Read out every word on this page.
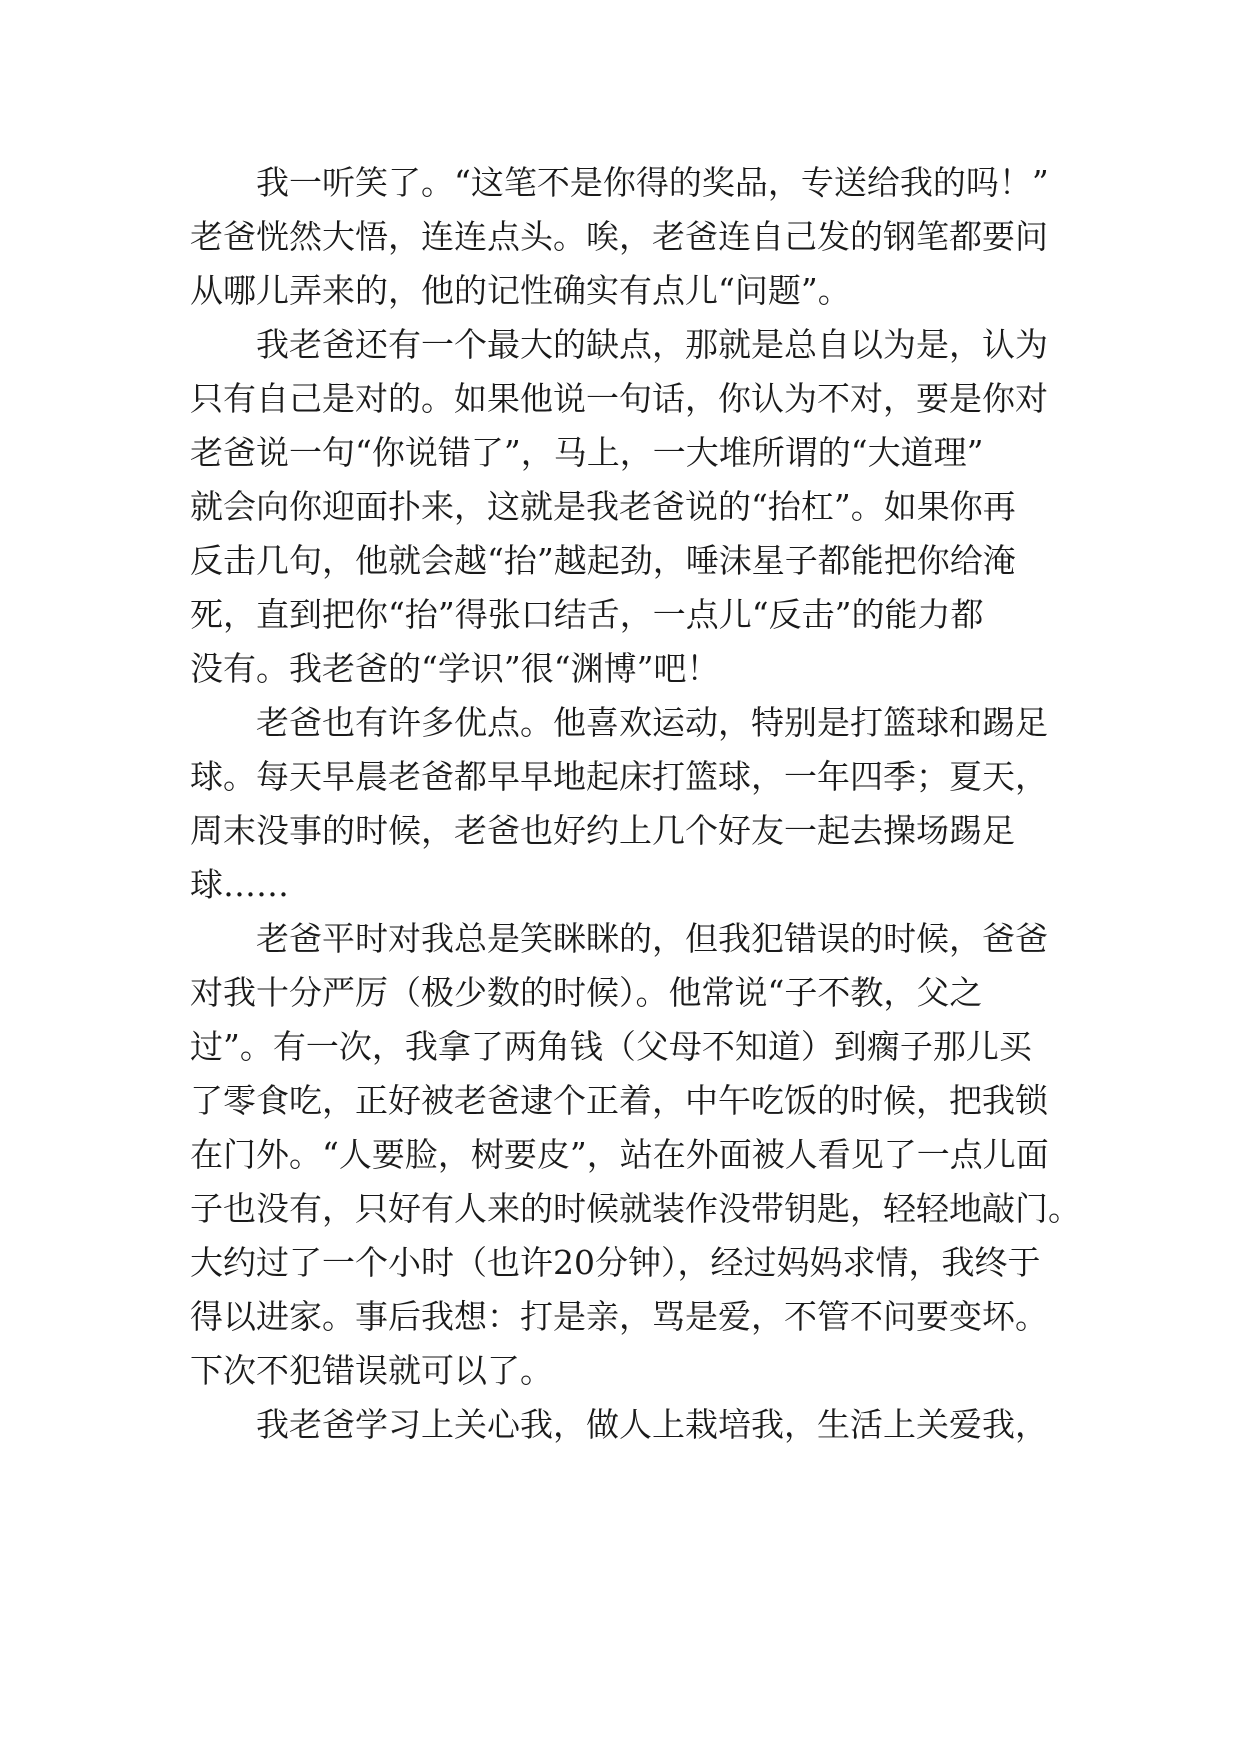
我一听笑了。“这笔不是你得的奖品，专送给我的吗！”
老爸恍然大悟，连连点头。唉，老爸连自己发的钢笔都要问
从哪儿弄来的，他的记性确实有点儿“问题”。
我老爸还有一个最大的缺点，那就是总自以为是，认为
只有自己是对的。如果他说一句话，你认为不对，要是你对
老爸说一句“你说错了”，马上，一大堆所谓的“大道理”
就会向你迎面扑来，这就是我老爸说的“抬杠”。如果你再
反击几句，他就会越“抬”越起劲，唾沫星子都能把你给淹
死，直到把你“抬”得张口结舌，一点儿“反击”的能力都
没有。我老爸的“学识”很“渊博”吧！
老爸也有许多优点。他喜欢运动，特别是打篮球和踢足
球。每天早晨老爸都早早地起床打篮球，一年四季；夏天，
周末没事的时候，老爸也好约上几个好友一起去操场踢足
球……
老爸平时对我总是笑眯眯的，但我犯错误的时候，爸爸
对我十分严厉（极少数的时候）。他常说“子不教，父之
过”。有一次，我拿了两角钱（父母不知道）到瘸子那儿买
了零食吃，正好被老爸逮个正着，中午吃饭的时候，把我锁
在门外。“人要脸，树要皮”，站在外面被人看见了一点儿面
子也没有，只好有人来的时候就装作没带钥匙，轻轻地敲门。
大约过了一个小时（也许20分钟），经过妈妈求情，我终于
得以进家。事后我想：打是亲，骂是爱，不管不问要变坏。
下次不犯错误就可以了。
我老爸学习上关心我，做人上栽培我，生活上关爱我，
